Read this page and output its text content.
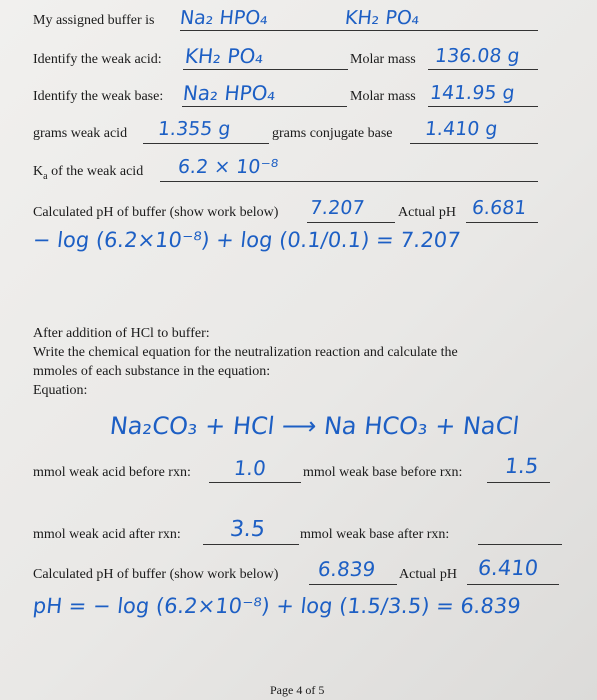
My assigned buffer is Na₂ HPO₄	KH₂ PO₄
Identify the weak acid: KH₂ PO₄	Molar mass 136.08 g
Identify the weak base: Na₂ HPO₄	Molar mass 141.95 g
grams weak acid 1.355 g	grams conjugate base 1.410 g
$K_a$ of the weak acid 6.2 × 10⁻⁸
Calculated pH of buffer (show work below) 7.207 Actual pH 6.681
− log (6.2×10⁻⁸) + log (0.1/0.1) = 7.207
After addition of HCl to buffer:
Write the chemical equation for the neutralization reaction and calculate the
mmoles of each substance in the equation:
Equation:
Na₂CO₃ + HCl ⟶ Na HCO₃ + NaCl
mmol weak acid before rxn: 1.0	mmol weak base before rxn: 1.5
mmol weak acid after rxn: 3.5 mmol weak base after rxn:
Calculated pH of buffer (show work below) 6.839 Actual pH 6.410
pH = − log (6.2×10⁻⁸) + log (1.5/3.5) = 6.839
Page 4 of 5
